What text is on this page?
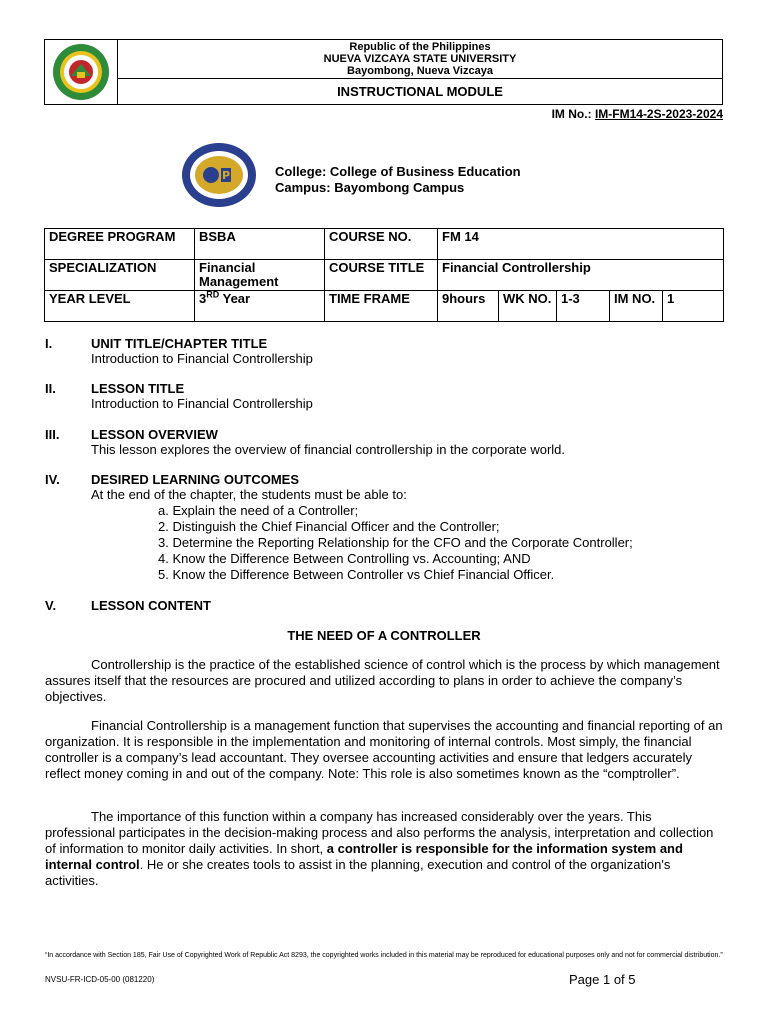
Republic of the Philippines
NUEVA VIZCAYA STATE UNIVERSITY
Bayombong, Nueva Vizcaya
INSTRUCTIONAL MODULE
IM No.: IM-FM14-2S-2023-2024
P	College: College of Business Education
Campus: Bayombong Campus
DEGREE PROGRAM	BSBA	COURSE NO.	FM 14				
SPECIALIZATION	Financial Management	COURSE TITLE	Financial Controllership				
YEAR LEVEL	3RD Year	TIME FRAME	9hours	WK NO.	1-3	IM NO.	1
I.	UNIT TITLE/CHAPTER TITLE
Introduction to Financial Controllership
II.	LESSON TITLE
Introduction to Financial Controllership
III. LESSON OVERVIEW
This lesson explores the overview of financial controllership in the corporate world.
IV. DESIRED LEARNING OUTCOMES
At the end of the chapter, the students must be able to:
a. Explain the need of a Controller;
2. Distinguish the Chief Financial Officer and the Controller;
3. Determine the Reporting Relationship for the CFO and the Corporate Controller;
4. Know the Difference Between Controlling vs. Accounting; AND
5. Know the Difference Between Controller vs Chief Financial Officer.
V.	LESSON CONTENT
THE NEED OF A CONTROLLER
Controllership is the practice of the established science of control which is the process by which management assures itself that the resources are procured and utilized according to plans in order to achieve the company’s objectives.
Financial Controllership is a management function that supervises the accounting and financial reporting of an organization. It is responsible in the implementation and monitoring of internal controls. Most simply, the financial controller is a company’s lead accountant. They oversee accounting activities and ensure that ledgers accurately reflect money coming in and out of the company. Note: This role is also sometimes known as the “comptroller”.
The importance of this function within a company has increased considerably over the years. This professional participates in the decision-making process and also performs the analysis, interpretation and collection of information to monitor daily activities. In short, a controller is responsible for the information system and internal control. He or she creates tools to assist in the planning, execution and control of the organization's activities.
“In accordance with Section 185, Fair Use of Copyrighted Work of Republic Act 8293, the copyrighted works included in this material may be reproduced for educational purposes only and not for commercial distribution.”
NVSU-FR-ICD-05-00 (081220)	Page 1 of 5
